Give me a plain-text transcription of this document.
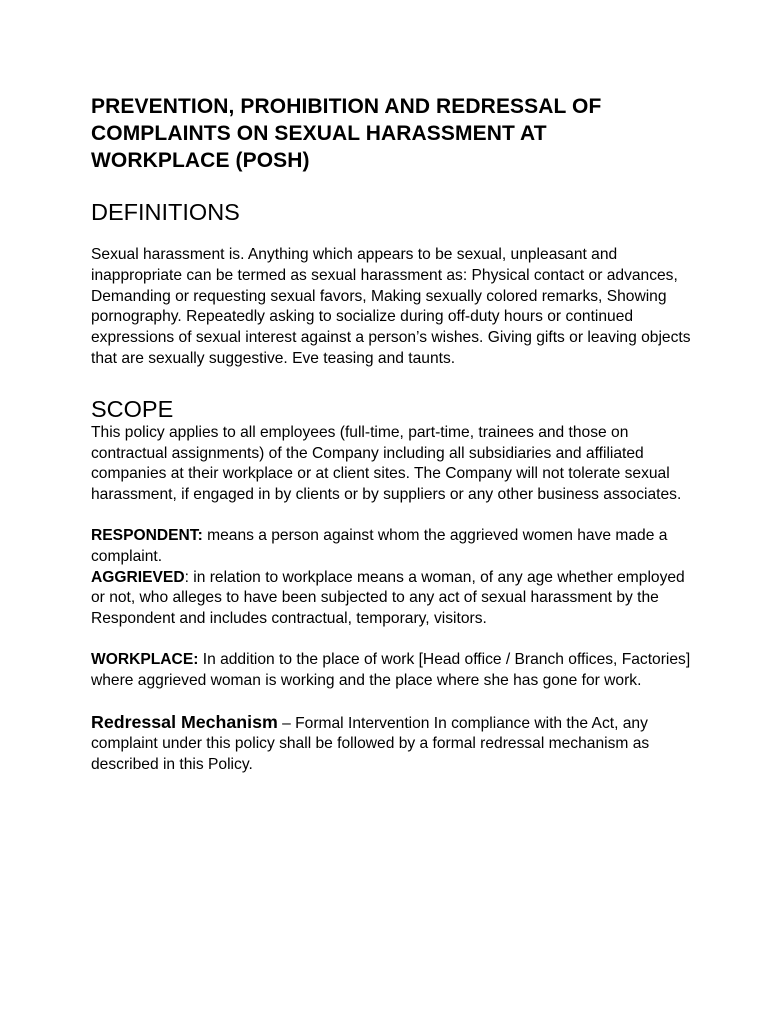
PREVENTION, PROHIBITION AND REDRESSAL OF COMPLAINTS ON SEXUAL HARASSMENT AT WORKPLACE (POSH)
DEFINITIONS

Sexual harassment is. Anything which appears to be sexual, unpleasant and inappropriate can be termed as sexual harassment as: Physical contact or advances, Demanding or requesting sexual favors, Making sexually colored remarks, Showing pornography. Repeatedly asking to socialize during off-duty hours or continued expressions of sexual interest against a person’s wishes. Giving gifts or leaving objects that are sexually suggestive. Eve teasing and taunts.

SCOPE

This policy applies to all employees (full-time, part-time, trainees and those on contractual assignments) of the Company including all subsidiaries and affiliated companies at their workplace or at client sites. The Company will not tolerate sexual harassment, if engaged in by clients or by suppliers or any other business associates.

RESPONDENT: means a person against whom the aggrieved women have made a complaint.

AGGRIEVED: in relation to workplace means a woman, of any age whether employed or not, who alleges to have been subjected to any act of sexual harassment by the Respondent and includes contractual, temporary, visitors.

WORKPLACE: In addition to the place of work [Head office / Branch offices, Factories] where aggrieved woman is working and the place where she has gone for work.

Redressal Mechanism – Formal Intervention In compliance with the Act, any complaint under this policy shall be followed by a formal redressal mechanism as described in this Policy.
